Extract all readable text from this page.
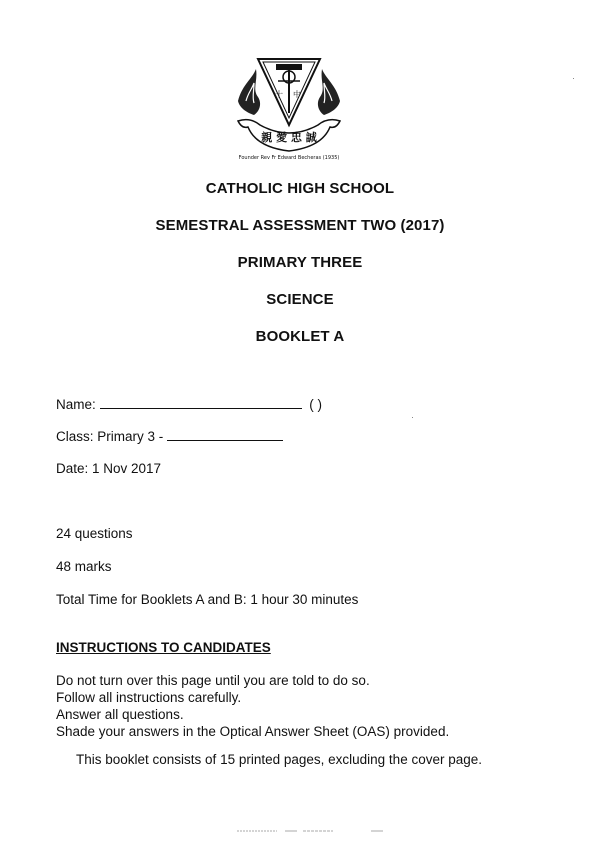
十 中
親 愛 忠 誠
Founder Rev Fr Edward Becheras (1935)
CATHOLIC HIGH SCHOOL
SEMESTRAL ASSESSMENT TWO (2017)
PRIMARY THREE
SCIENCE
BOOKLET A
Name:	( )
Class: Primary 3 -
Date: 1 Nov 2017
24 questions
48 marks
Total Time for Booklets A and B: 1 hour 30 minutes
INSTRUCTIONS TO CANDIDATES
Do not turn over this page until you are told to do so.
Follow all instructions carefully.
Answer all questions.
Shade your answers in the Optical Answer Sheet (OAS) provided.
This booklet consists of 15 printed pages, excluding the cover page.
